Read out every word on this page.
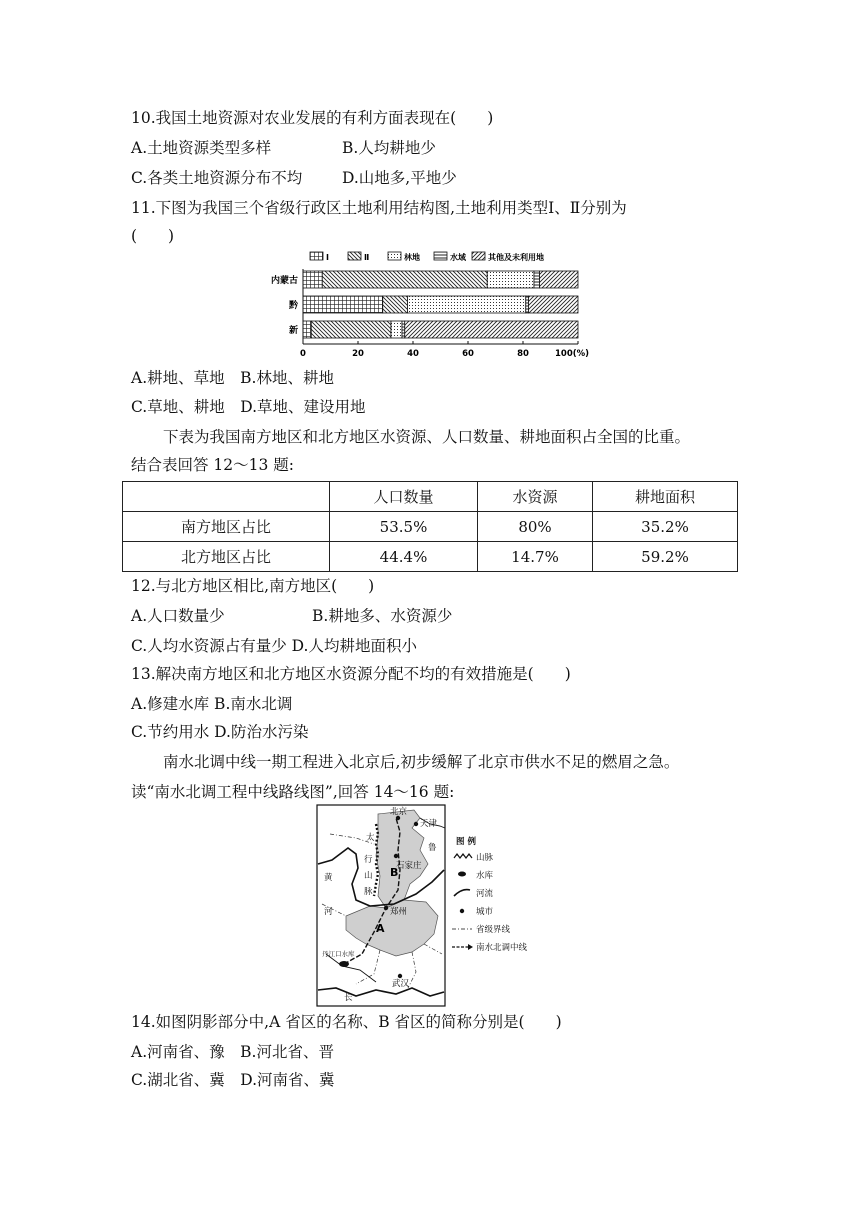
10.我国土地资源对农业发展的有利方面表现在(　　)
A.土地资源类型多样	B.人均耕地少
C.各类土地资源分布不均	D.山地多,平地少
11.下图为我国三个省级行政区土地利用结构图,土地利用类型Ⅰ、Ⅱ分别为
(　　)
Ⅰ	Ⅱ	林地	水域	其他及未利用地
内蒙古
黔
新
0	20	40	60	80	100(%)
A.耕地、草地　B.林地、耕地
C.草地、耕地　D.草地、建设用地
下表为我国南方地区和北方地区水资源、人口数量、耕地面积占全国的比重。
结合表回答 12～13 题:
	人口数量	水资源	耕地面积
南方地区占比	53.5%	80%	35.2%
北方地区占比	44.4%	14.7%	59.2%
12.与北方地区相比,南方地区(　　)
A.人口数量少	B.耕地多、水资源少
C.人均水资源占有量少 D.人均耕地面积小
13.解决南方地区和北方地区水资源分配不均的有效措施是(　　)
A.修建水库 B.南水北调
C.节约用水 D.防治水污染
南水北调中线一期工程进入北京后,初步缓解了北京市供水不足的燃眉之急。
读“南水北调工程中线路线图”,回答 14～16 题:
北京
天津
鲁
石家庄
郑州
武汉
丹江口水库
太
行
山
脉
黄
河
长
B
A
图 例
山脉
水库
河流
城市
省级界线
南水北调中线
14.如图阴影部分中,A 省区的名称、B 省区的简称分别是(　　)
A.河南省、豫　B.河北省、晋
C.湖北省、冀　D.河南省、冀
